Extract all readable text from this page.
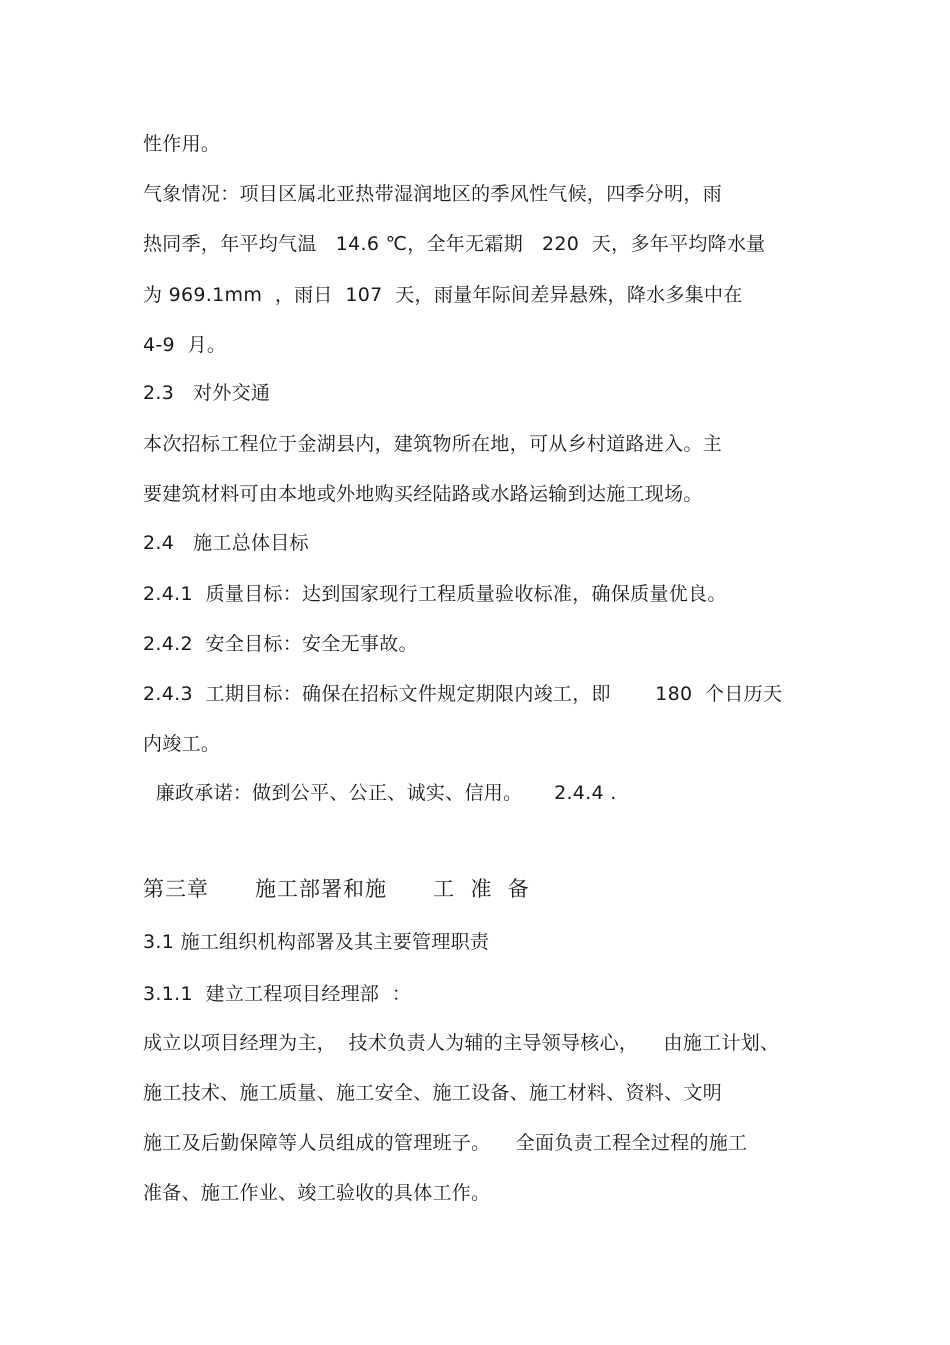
性作用。
气象情况：项目区属北亚热带湿润地区的季风性气候，四季分明，雨
热同季，年平均气温   14.6 ℃，全年无霜期   220  天，多年平均降水量
为 969.1mm  ，雨日  107  天，雨量年际间差异悬殊，降水多集中在
4-9  月。
2.3   对外交通
本次招标工程位于金湖县内，建筑物所在地，可从乡村道路进入。主
要建筑材料可由本地或外地购买经陆路或水路运输到达施工现场。
2.4   施工总体目标
2.4.1  质量目标：达到国家现行工程质量验收标准，确保质量优良。
2.4.2  安全目标：安全无事故。
2.4.3  工期目标：确保在招标文件规定期限内竣工，即       180  个日历天
内竣工。
廉政承诺：做到公平、公正、诚实、信用。     2.4.4 .
第三章      施工部署和施      工  准  备
3.1 施工组织机构部署及其主要管理职责
3.1.1  建立工程项目经理部  ：
成立以项目经理为主，  技术负责人为辅的主导领导核心，    由施工计划、
施工技术、施工质量、施工安全、施工设备、施工材料、资料、文明
施工及后勤保障等人员组成的管理班子。    全面负责工程全过程的施工
准备、施工作业、竣工验收的具体工作。
